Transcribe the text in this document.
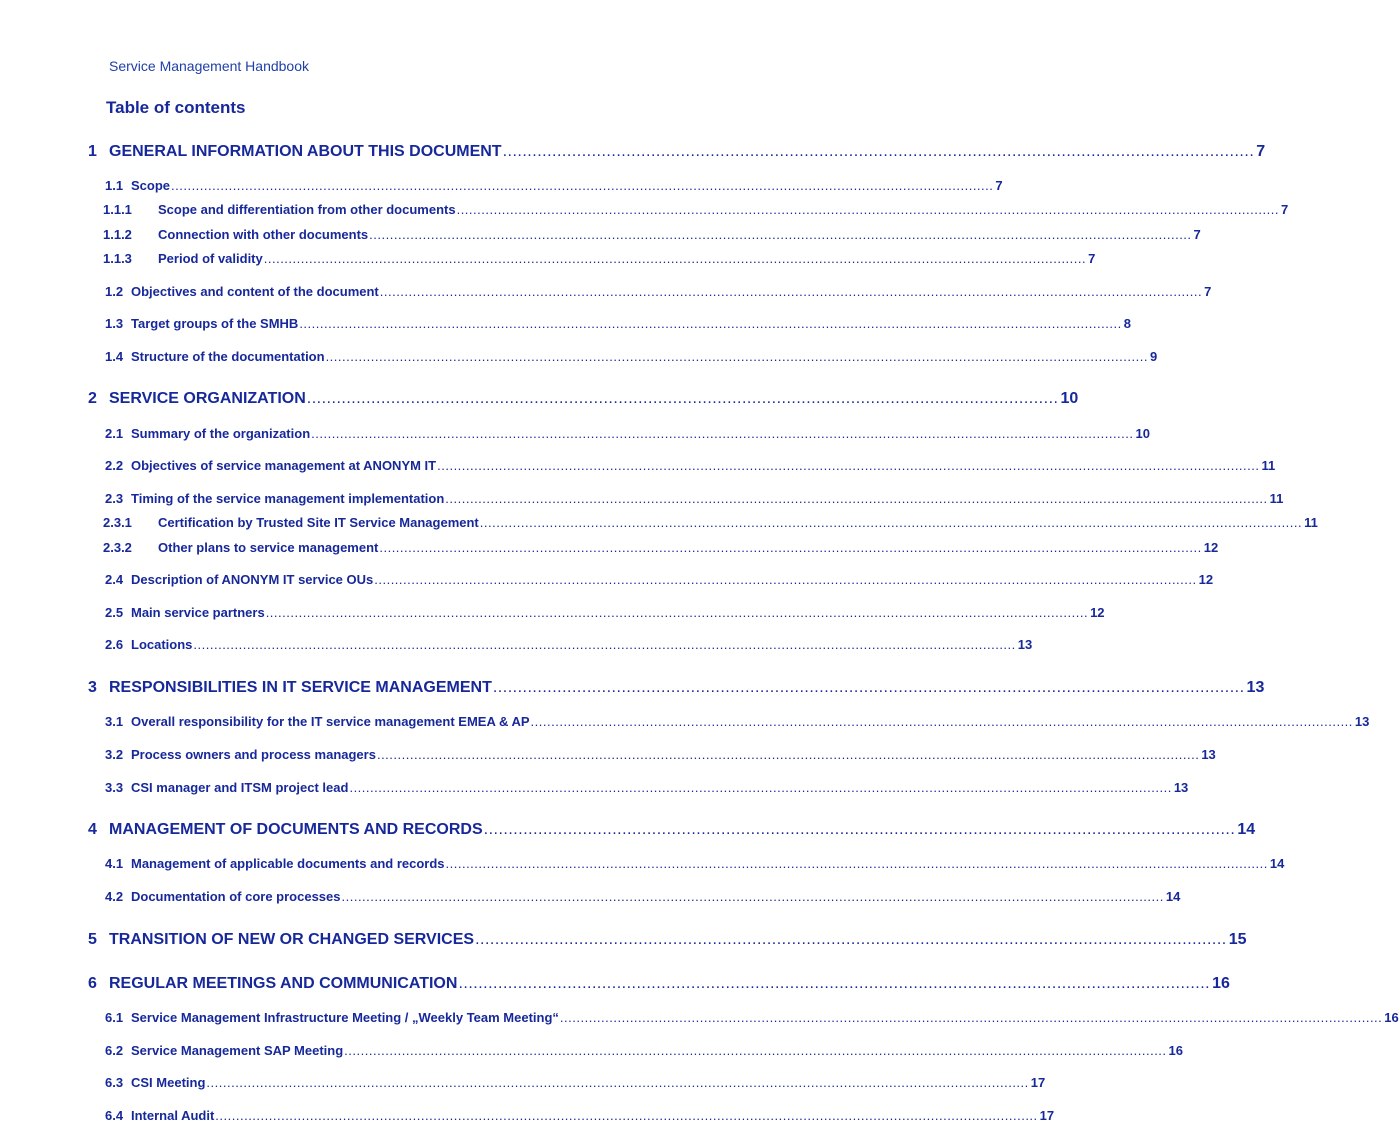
Service Management Handbook
Table of contents
1 GENERAL INFORMATION ABOUT THIS DOCUMENT ........................................................................................................................................................ 7
1.1 Scope ........................................................................................................................................................................................................ 7
1.1.1	Scope and differentiation from other documents ........................................................................................................................................................................................................ 7
1.1.2	Connection with other documents ........................................................................................................................................................................................................ 7
1.1.3	Period of validity ........................................................................................................................................................................................................ 7
1.2 Objectives and content of the document ........................................................................................................................................................................................................ 7
1.3 Target groups of the SMHB ........................................................................................................................................................................................................ 8
1.4 Structure of the documentation ........................................................................................................................................................................................................ 9
2 SERVICE ORGANIZATION ........................................................................................................................................................ 10
2.1 Summary of the organization ........................................................................................................................................................................................................ 10
2.2 Objectives of service management at ANONYM IT ........................................................................................................................................................................................................ 11
2.3 Timing of the service management implementation ........................................................................................................................................................................................................ 11
2.3.1	Certification by Trusted Site IT Service Management ........................................................................................................................................................................................................ 11
2.3.2	Other plans to service management ........................................................................................................................................................................................................ 12
2.4 Description of ANONYM IT service OUs ........................................................................................................................................................................................................ 12
2.5 Main service partners ........................................................................................................................................................................................................ 12
2.6 Locations ........................................................................................................................................................................................................ 13
3 RESPONSIBILITIES IN IT SERVICE MANAGEMENT ........................................................................................................................................................ 13
3.1 Overall responsibility for the IT service management EMEA & AP ........................................................................................................................................................................................................ 13
3.2 Process owners and process managers ........................................................................................................................................................................................................ 13
3.3 CSI manager and ITSM project lead ........................................................................................................................................................................................................ 13
4 MANAGEMENT OF DOCUMENTS AND RECORDS ........................................................................................................................................................ 14
4.1 Management of applicable documents and records ........................................................................................................................................................................................................ 14
4.2 Documentation of core processes ........................................................................................................................................................................................................ 14
5 TRANSITION OF NEW OR CHANGED SERVICES ........................................................................................................................................................ 15
6 REGULAR MEETINGS AND COMMUNICATION ........................................................................................................................................................ 16
6.1 Service Management Infrastructure Meeting / „Weekly Team Meeting“ ........................................................................................................................................................................................................ 16
6.2 Service Management SAP Meeting ........................................................................................................................................................................................................ 16
6.3 CSI Meeting ........................................................................................................................................................................................................ 17
6.4 Internal Audit ........................................................................................................................................................................................................ 17
